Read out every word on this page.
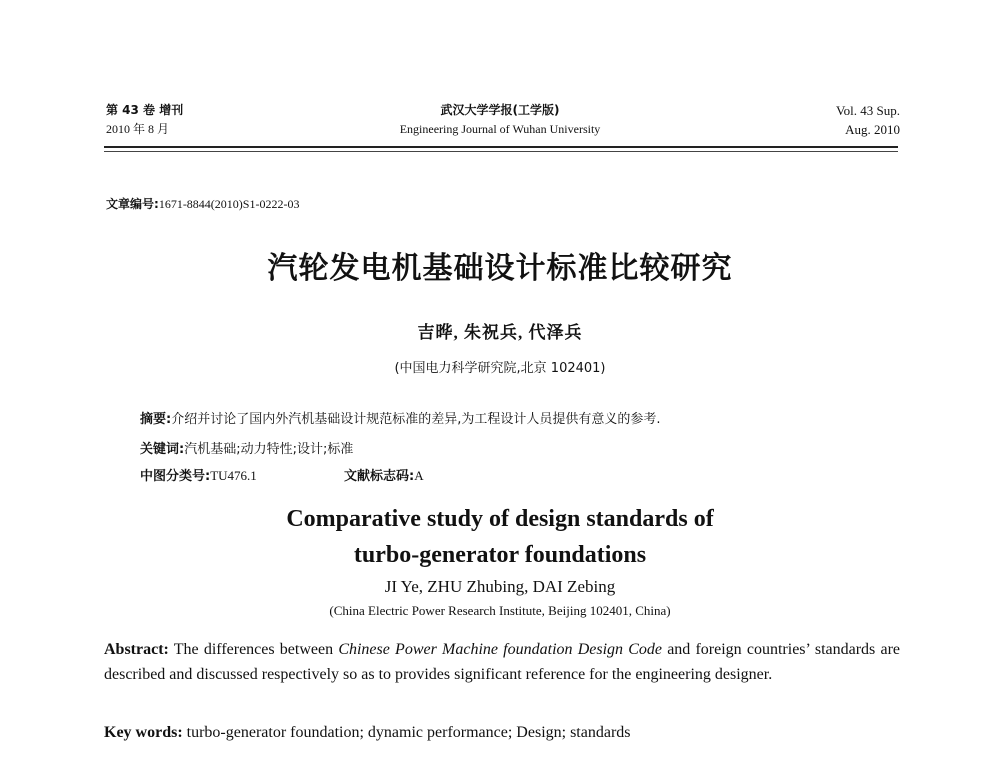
第 43 卷 增刊
2010 年 8 月
武汉大学学报(工学版)
Engineering Journal of Wuhan University
Vol. 43 Sup.
Aug. 2010
文章编号:1671-8844(2010)S1-0222-03
汽轮发电机基础设计标准比较研究
吉晔, 朱祝兵, 代泽兵
(中国电力科学研究院,北京 102401)
摘要:介绍并讨论了国内外汽机基础设计规范标准的差异,为工程设计人员提供有意义的参考.
关键词:汽机基础;动力特性;设计;标准
中图分类号:TU476.1	文献标志码:A
Comparative study of design standards of
turbo-generator foundations
JI Ye, ZHU Zhubing, DAI Zebing
(China Electric Power Research Institute, Beijing 102401, China)
Abstract: The differences between Chinese Power Machine foundation Design Code and foreign countries’ standards are described and discussed respectively so as to provides significant reference for the engineering designer.
Key words: turbo-generator foundation; dynamic performance; Design; standards
